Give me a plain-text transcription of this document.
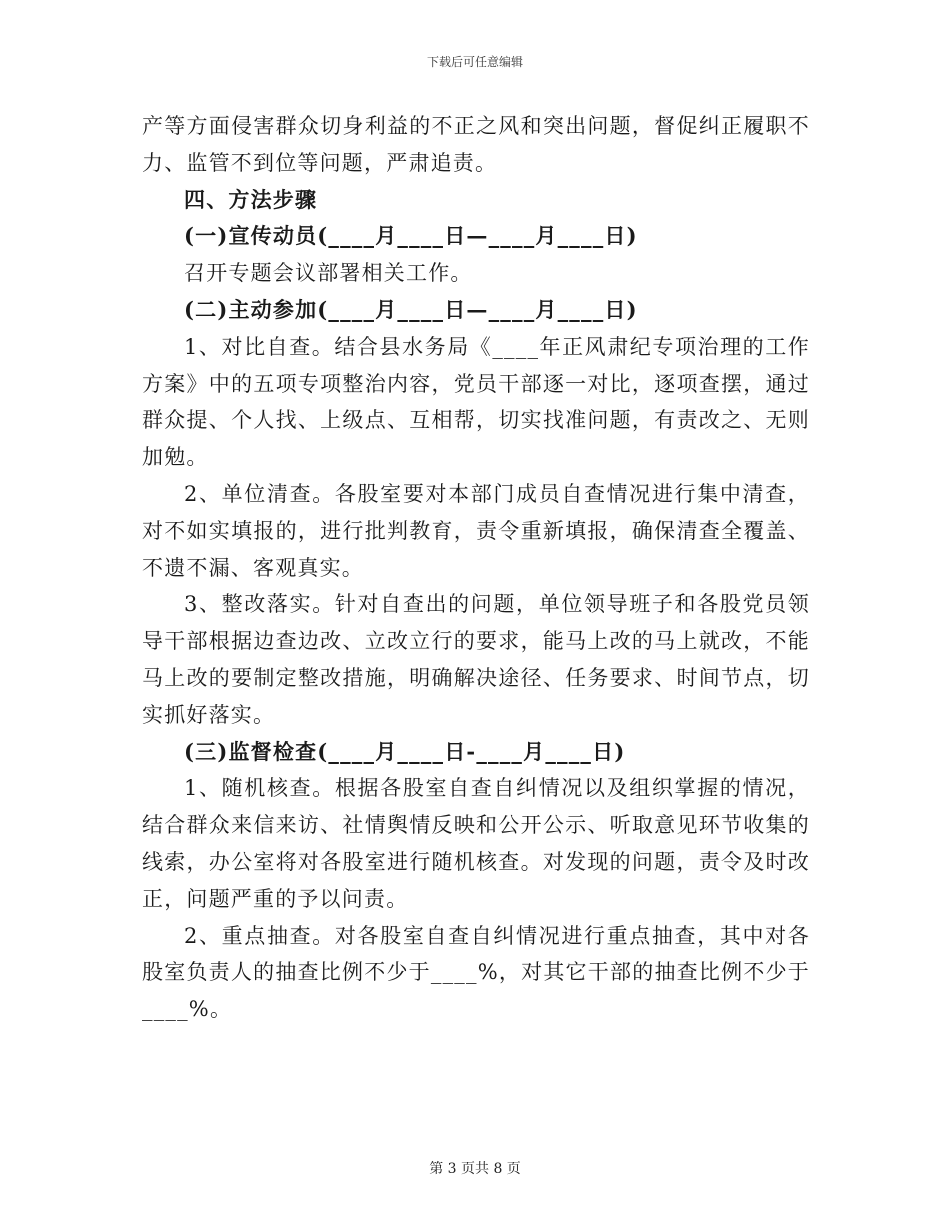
下载后可任意编辑

产等方面侵害群众切身利益的不正之风和突出问题，督促纠正履职不力、监管不到位等问题，严肃追责。

四、方法步骤

(一)宣传动员(____月____日—____月____日)

召开专题会议部署相关工作。

(二)主动参加(____月____日—____月____日)

1、对比自查。结合县水务局《____年正风肃纪专项治理的工作方案》中的五项专项整治内容，党员干部逐一对比，逐项查摆，通过群众提、个人找、上级点、互相帮，切实找准问题，有责改之、无则加勉。

2、单位清查。各股室要对本部门成员自查情况进行集中清查，对不如实填报的，进行批判教育，责令重新填报，确保清查全覆盖、不遗不漏、客观真实。

3、整改落实。针对自查出的问题，单位领导班子和各股党员领导干部根据边查边改、立改立行的要求，能马上改的马上就改，不能马上改的要制定整改措施，明确解决途径、任务要求、时间节点，切实抓好落实。

(三)监督检查(____月____日-____月____日)

1、随机核查。根据各股室自查自纠情况以及组织掌握的情况，结合群众来信来访、社情舆情反映和公开公示、听取意见环节收集的线索，办公室将对各股室进行随机核查。对发现的问题，责令及时改正，问题严重的予以问责。

2、重点抽查。对各股室自查自纠情况进行重点抽查，其中对各股室负责人的抽查比例不少于____%，对其它干部的抽查比例不少于____%。

第 3 页共 8 页
